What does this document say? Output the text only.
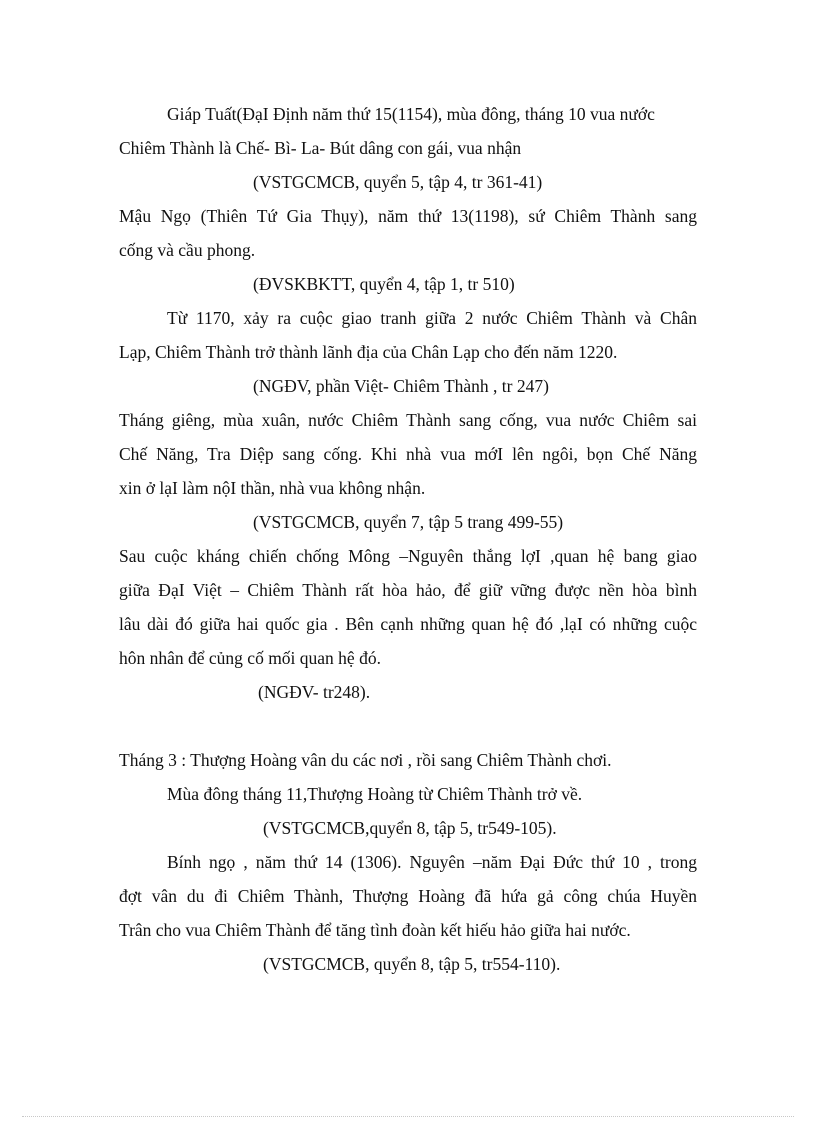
Giáp Tuất(ĐạI Định năm thứ 15(1154), mùa đông, tháng 10 vua nước
Chiêm Thành là Chế- Bì- La- Bút dâng con gái, vua nhận
(VSTGCMCB, quyển 5, tập 4, tr 361-41)
Mậu Ngọ (Thiên Tứ Gia Thụy), năm thứ 13(1198), sứ Chiêm Thành sang
cống và cầu phong.
(ĐVSKBKTT, quyển 4, tập 1, tr 510)
Từ 1170, xảy ra cuộc giao tranh giữa 2 nước Chiêm Thành và Chân
Lạp, Chiêm Thành trở thành lãnh địa của Chân Lạp cho đến năm 1220.
(NGĐV, phần Việt- Chiêm Thành , tr 247)
Tháng giêng, mùa xuân, nước Chiêm Thành sang cống, vua nước Chiêm sai
Chế Năng, Tra Diệp sang cống. Khi nhà vua mớI lên ngôi, bọn Chế Năng
xin ở lạI làm nộI thần, nhà vua không nhận.
(VSTGCMCB, quyển 7, tập 5 trang 499-55)
Sau cuộc kháng chiến chống Mông –Nguyên thắng lợI ,quan hệ bang giao
giữa ĐạI Việt – Chiêm Thành rất hòa hảo, để giữ vững được nền hòa bình
lâu dài đó giữa hai quốc gia . Bên cạnh những quan hệ đó ,lạI có những cuộc
hôn nhân để củng cố mối quan hệ đó.
(NGĐV- tr248).
Tháng 3 : Thượng Hoàng vân du các nơi , rồi sang Chiêm Thành chơi.
Mùa đông tháng 11,Thượng Hoàng từ Chiêm Thành trở về.
(VSTGCMCB,quyển 8, tập 5, tr549-105).
Bính ngọ , năm thứ 14 (1306). Nguyên –năm Đại Đức thứ 10 , trong
đợt vân du đi Chiêm Thành, Thượng Hoàng đã hứa gả công chúa Huyền
Trân cho vua Chiêm Thành để tăng tình đoàn kết hiếu hảo giữa hai nước.
(VSTGCMCB, quyển 8, tập 5, tr554-110).
